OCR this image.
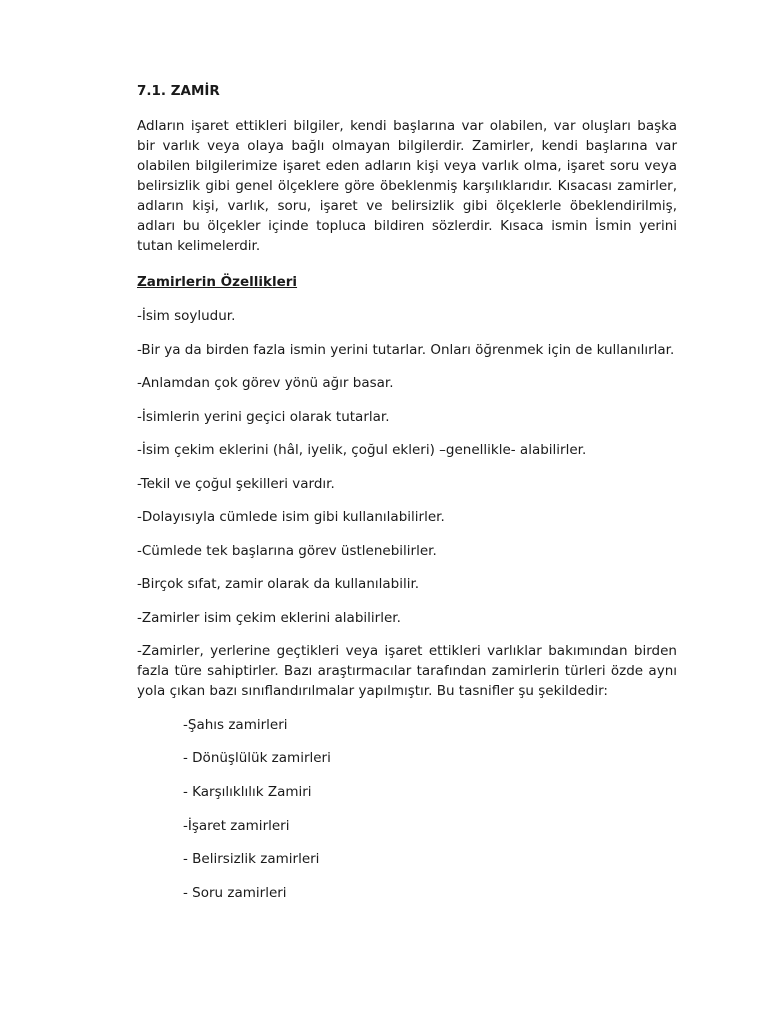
7.1. ZAMİR

Adların işaret ettikleri bilgiler, kendi başlarına var olabilen, var oluşları başka bir varlık veya olaya bağlı olmayan bilgilerdir. Zamirler, kendi başlarına var olabilen bilgilerimize işaret eden adların kişi veya varlık olma, işaret soru veya belirsizlik gibi genel ölçeklere göre öbeklenmiş karşılıklarıdır. Kısacası zamirler, adların kişi, varlık, soru, işaret ve belirsizlik gibi ölçeklerle öbeklendirilmiş, adları bu ölçekler içinde topluca bildiren sözlerdir. Kısaca ismin İsmin yerini tutan kelimelerdir.

Zamirlerin Özellikleri

-İsim soyludur.

-Bir ya da birden fazla ismin yerini tutarlar. Onları öğrenmek için de kullanılırlar.

-Anlamdan çok görev yönü ağır basar.

-İsimlerin yerini geçici olarak tutarlar.

-İsim çekim eklerini (hâl, iyelik, çoğul ekleri) –genellikle- alabilirler.

-Tekil ve çoğul şekilleri vardır.

-Dolayısıyla cümlede isim gibi kullanılabilirler.

-Cümlede tek başlarına görev üstlenebilirler.

-Birçok sıfat, zamir olarak da kullanılabilir.

-Zamirler isim çekim eklerini alabilirler.

-Zamirler, yerlerine geçtikleri veya işaret ettikleri varlıklar bakımından birden fazla türe sahiptirler. Bazı araştırmacılar tarafından zamirlerin türleri özde aynı yola çıkan bazı sınıflandırılmalar yapılmıştır. Bu tasnifler şu şekildedir:

-Şahıs zamirleri
- Dönüşlülük zamirleri
- Karşılıklılık Zamiri
-İşaret zamirleri
- Belirsizlik zamirleri
- Soru zamirleri
